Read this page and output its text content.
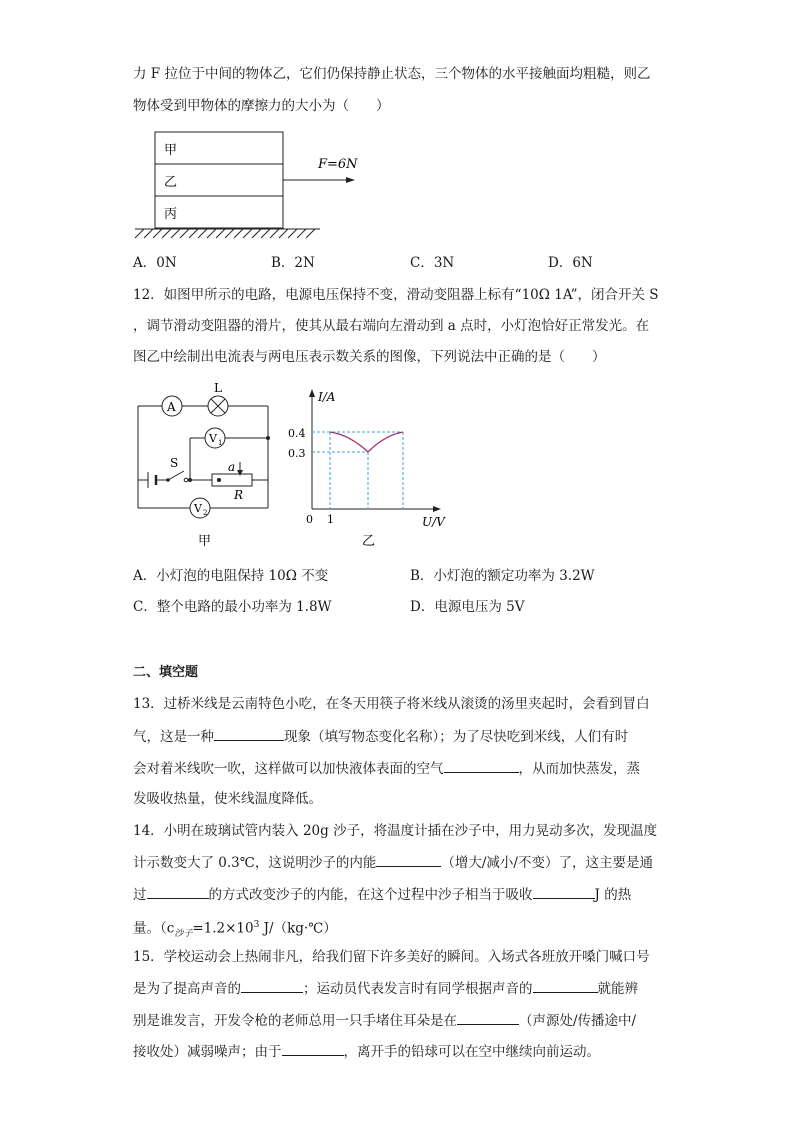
力 F 拉位于中间的物体乙，它们仍保持静止状态，三个物体的水平接触面均粗糙，则乙
物体受到甲物体的摩擦力的大小为（　　）
甲
乙
丙
F=6N
A．0N	B．2N	C．3N	D．6N
12．如图甲所示的电路，电源电压保持不变，滑动变阻器上标有“10Ω 1A”，闭合开关 S
，调节滑动变阻器的滑片，使其从最右端向左滑动到 a 点时，小灯泡恰好正常发光。在
图乙中绘制出电流表与两电压表示数关系的图像，下列说法中正确的是（　　）
A
L
V 1
V 2
S	a
R
甲
I/A
U/V
0 1
0.4
0.3
乙
A．小灯泡的电阻保持 10Ω 不变	B．小灯泡的额定功率为 3.2W
C．整个电路的最小功率为 1.8W	D．电源电压为 5V
二、填空题
13．过桥米线是云南特色小吃，在冬天用筷子将米线从滚烫的汤里夹起时，会看到冒白
气，这是一种	现象（填写物态变化名称）；为了尽快吃到米线，人们有时
会对着米线吹一吹，这样做可以加快液体表面的空气	，从而加快蒸发，蒸
发吸收热量，使米线温度降低。
14．小明在玻璃试管内装入 20g 沙子，将温度计插在沙子中，用力晃动多次，发现温度
计示数变大了 0.3℃，这说明沙子的内能	（增大/减小/不变）了，这主要是通
过	的方式改变沙子的内能，在这个过程中沙子相当于吸收	J 的热
量。（$c_{沙子}=1.2\times 10^3$ J/（kg·℃）
15．学校运动会上热闹非凡，给我们留下许多美好的瞬间。入场式各班放开嗓门喊口号
是为了提高声音的	；运动员代表发言时有同学根据声音的	就能辨
别是谁发言，开发令枪的老师总用一只手堵住耳朵是在	（声源处/传播途中/
接收处）减弱噪声；由于	，离开手的铅球可以在空中继续向前运动。
